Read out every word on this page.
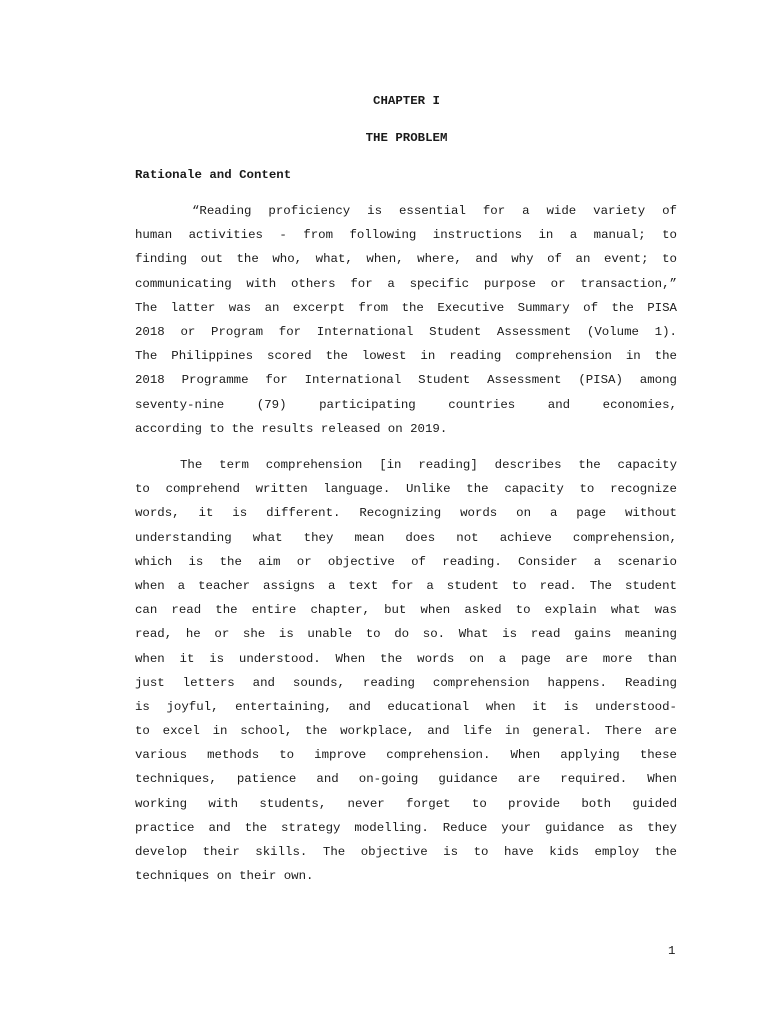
CHAPTER I
THE PROBLEM
Rationale and Content
“Reading proficiency is essential for a wide variety of
human activities - from following instructions in a manual; to
finding out the who, what, when, where, and why of an event; to
communicating with others for a specific purpose or transaction,”
The latter was an excerpt from the Executive Summary of the PISA
2018 or Program for International Student Assessment (Volume 1).
The Philippines scored the lowest in reading comprehension in the
2018 Programme for International Student Assessment (PISA) among
seventy-nine (79) participating countries and economies,
according to the results released on 2019.
The term comprehension [in reading] describes the capacity
to comprehend written language. Unlike the capacity to recognize
words, it is different. Recognizing words on a page without
understanding what they mean does not achieve comprehension,
which is the aim or objective of reading. Consider a scenario
when a teacher assigns a text for a student to read. The student
can read the entire chapter, but when asked to explain what was
read, he or she is unable to do so. What is read gains meaning
when it is understood. When the words on a page are more than
just letters and sounds, reading comprehension happens. Reading
is joyful, entertaining, and educational when it is understood-
to excel in school, the workplace, and life in general. There are
various methods to improve comprehension. When applying these
techniques, patience and on-going guidance are required. When
working with students, never forget to provide both guided
practice and the strategy modelling. Reduce your guidance as they
develop their skills. The objective is to have kids employ the
techniques on their own.
1
